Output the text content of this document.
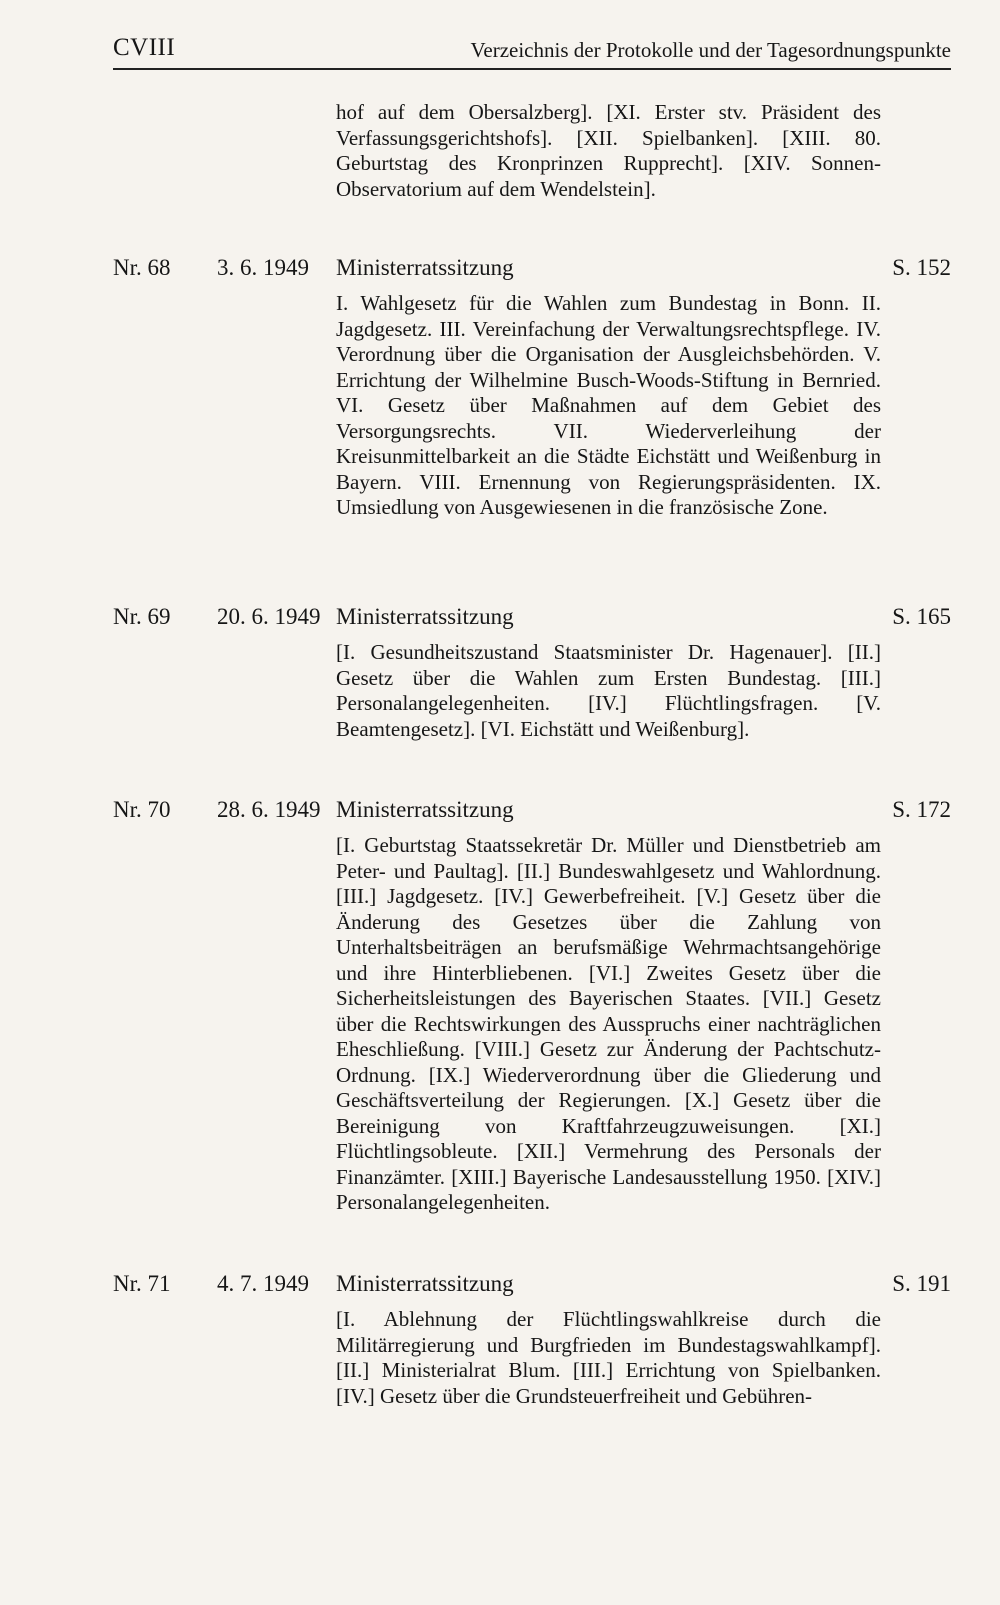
CVIII	Verzeichnis der Protokolle und der Tagesordnungspunkte
hof auf dem Obersalzberg]. [XI. Erster stv. Präsident des Verfassungsgerichtshofs]. [XII. Spielbanken]. [XIII. 80. Geburtstag des Kronprinzen Rupprecht]. [XIV. Sonnen-Observatorium auf dem Wendelstein].
Nr. 68 3. 6. 1949 Ministerratssitzung	S. 152
I. Wahlgesetz für die Wahlen zum Bundestag in Bonn. II. Jagdgesetz. III. Vereinfachung der Verwaltungsrechtspflege. IV. Verordnung über die Organisation der Ausgleichsbehörden. V. Errichtung der Wilhelmine Busch-Woods-Stiftung in Bernried. VI. Gesetz über Maßnahmen auf dem Gebiet des Versorgungsrechts. VII. Wiederverleihung der Kreisunmittelbarkeit an die Städte Eichstätt und Weißenburg in Bayern. VIII. Ernennung von Regierungspräsidenten. IX. Umsiedlung von Ausgewiesenen in die französische Zone.
Nr. 69 20. 6. 1949 Ministerratssitzung	S. 165
[I. Gesundheitszustand Staatsminister Dr. Hagenauer]. [II.] Gesetz über die Wahlen zum Ersten Bundestag. [III.] Personalangelegenheiten. [IV.] Flüchtlingsfragen. [V. Beamtengesetz]. [VI. Eichstätt und Weißenburg].
Nr. 70 28. 6. 1949 Ministerratssitzung	S. 172
[I. Geburtstag Staatssekretär Dr. Müller und Dienstbetrieb am Peter- und Paultag]. [II.] Bundeswahlgesetz und Wahlordnung. [III.] Jagdgesetz. [IV.] Gewerbefreiheit. [V.] Gesetz über die Änderung des Gesetzes über die Zahlung von Unterhaltsbeiträgen an berufsmäßige Wehrmachtsangehörige und ihre Hinterbliebenen. [VI.] Zweites Gesetz über die Sicherheitsleistungen des Bayerischen Staates. [VII.] Gesetz über die Rechtswirkungen des Ausspruchs einer nachträglichen Eheschließung. [VIII.] Gesetz zur Änderung der Pachtschutz-Ordnung. [IX.] Wiederverordnung über die Gliederung und Geschäftsverteilung der Regierungen. [X.] Gesetz über die Bereinigung von Kraftfahrzeugzuweisungen. [XI.] Flüchtlingsobleute. [XII.] Vermehrung des Personals der Finanzämter. [XIII.] Bayerische Landesausstellung 1950. [XIV.] Personalangelegenheiten.
Nr. 71 4. 7. 1949 Ministerratssitzung	S. 191
[I. Ablehnung der Flüchtlingswahlkreise durch die Militärregierung und Burgfrieden im Bundestagswahlkampf]. [II.] Ministerialrat Blum. [III.] Errichtung von Spielbanken. [IV.] Gesetz über die Grundsteuerfreiheit und Gebühren-
